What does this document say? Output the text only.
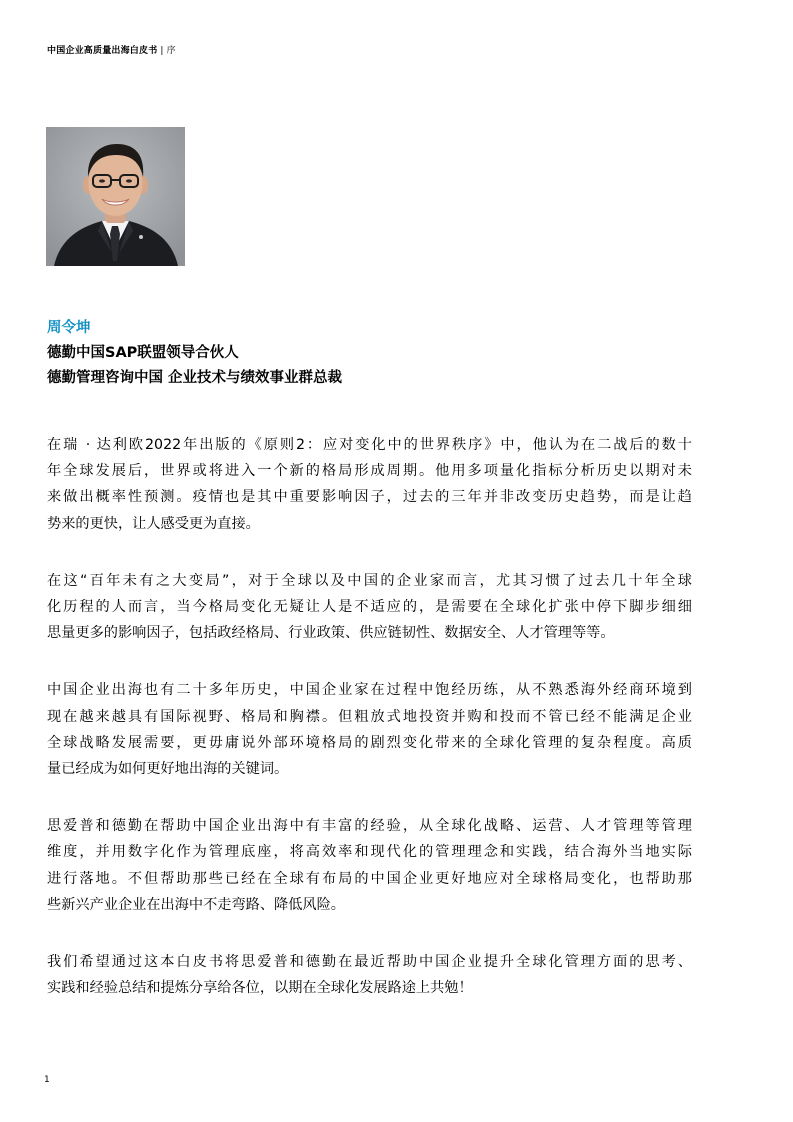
中国企业高质量出海白皮书 | 序
周令坤
德勤中国SAP联盟领导合伙人
德勤管理咨询中国 企业技术与绩效事业群总裁

在瑞 · 达利欧2022年出版的《原则2：应对变化中的世界秩序》中，他认为在二战后的数十
年全球发展后，世界或将进入一个新的格局形成周期。他用多项量化指标分析历史以期对未
来做出概率性预测。疫情也是其中重要影响因子，过去的三年并非改变历史趋势，而是让趋
势来的更快，让人感受更为直接。

在这“百年未有之大变局”，对于全球以及中国的企业家而言，尤其习惯了过去几十年全球
化历程的人而言，当今格局变化无疑让人是不适应的，是需要在全球化扩张中停下脚步细细
思量更多的影响因子，包括政经格局、行业政策、供应链韧性、数据安全、人才管理等等。

中国企业出海也有二十多年历史，中国企业家在过程中饱经历练，从不熟悉海外经商环境到
现在越来越具有国际视野、格局和胸襟。但粗放式地投资并购和投而不管已经不能满足企业
全球战略发展需要，更毋庸说外部环境格局的剧烈变化带来的全球化管理的复杂程度。高质
量已经成为如何更好地出海的关键词。

思爱普和德勤在帮助中国企业出海中有丰富的经验，从全球化战略、运营、人才管理等管理
维度，并用数字化作为管理底座，将高效率和现代化的管理理念和实践，结合海外当地实际
进行落地。不但帮助那些已经在全球有布局的中国企业更好地应对全球格局变化，也帮助那
些新兴产业企业在出海中不走弯路、降低风险。

我们希望通过这本白皮书将思爱普和德勤在最近帮助中国企业提升全球化管理方面的思考、
实践和经验总结和提炼分享给各位，以期在全球化发展路途上共勉！

1
